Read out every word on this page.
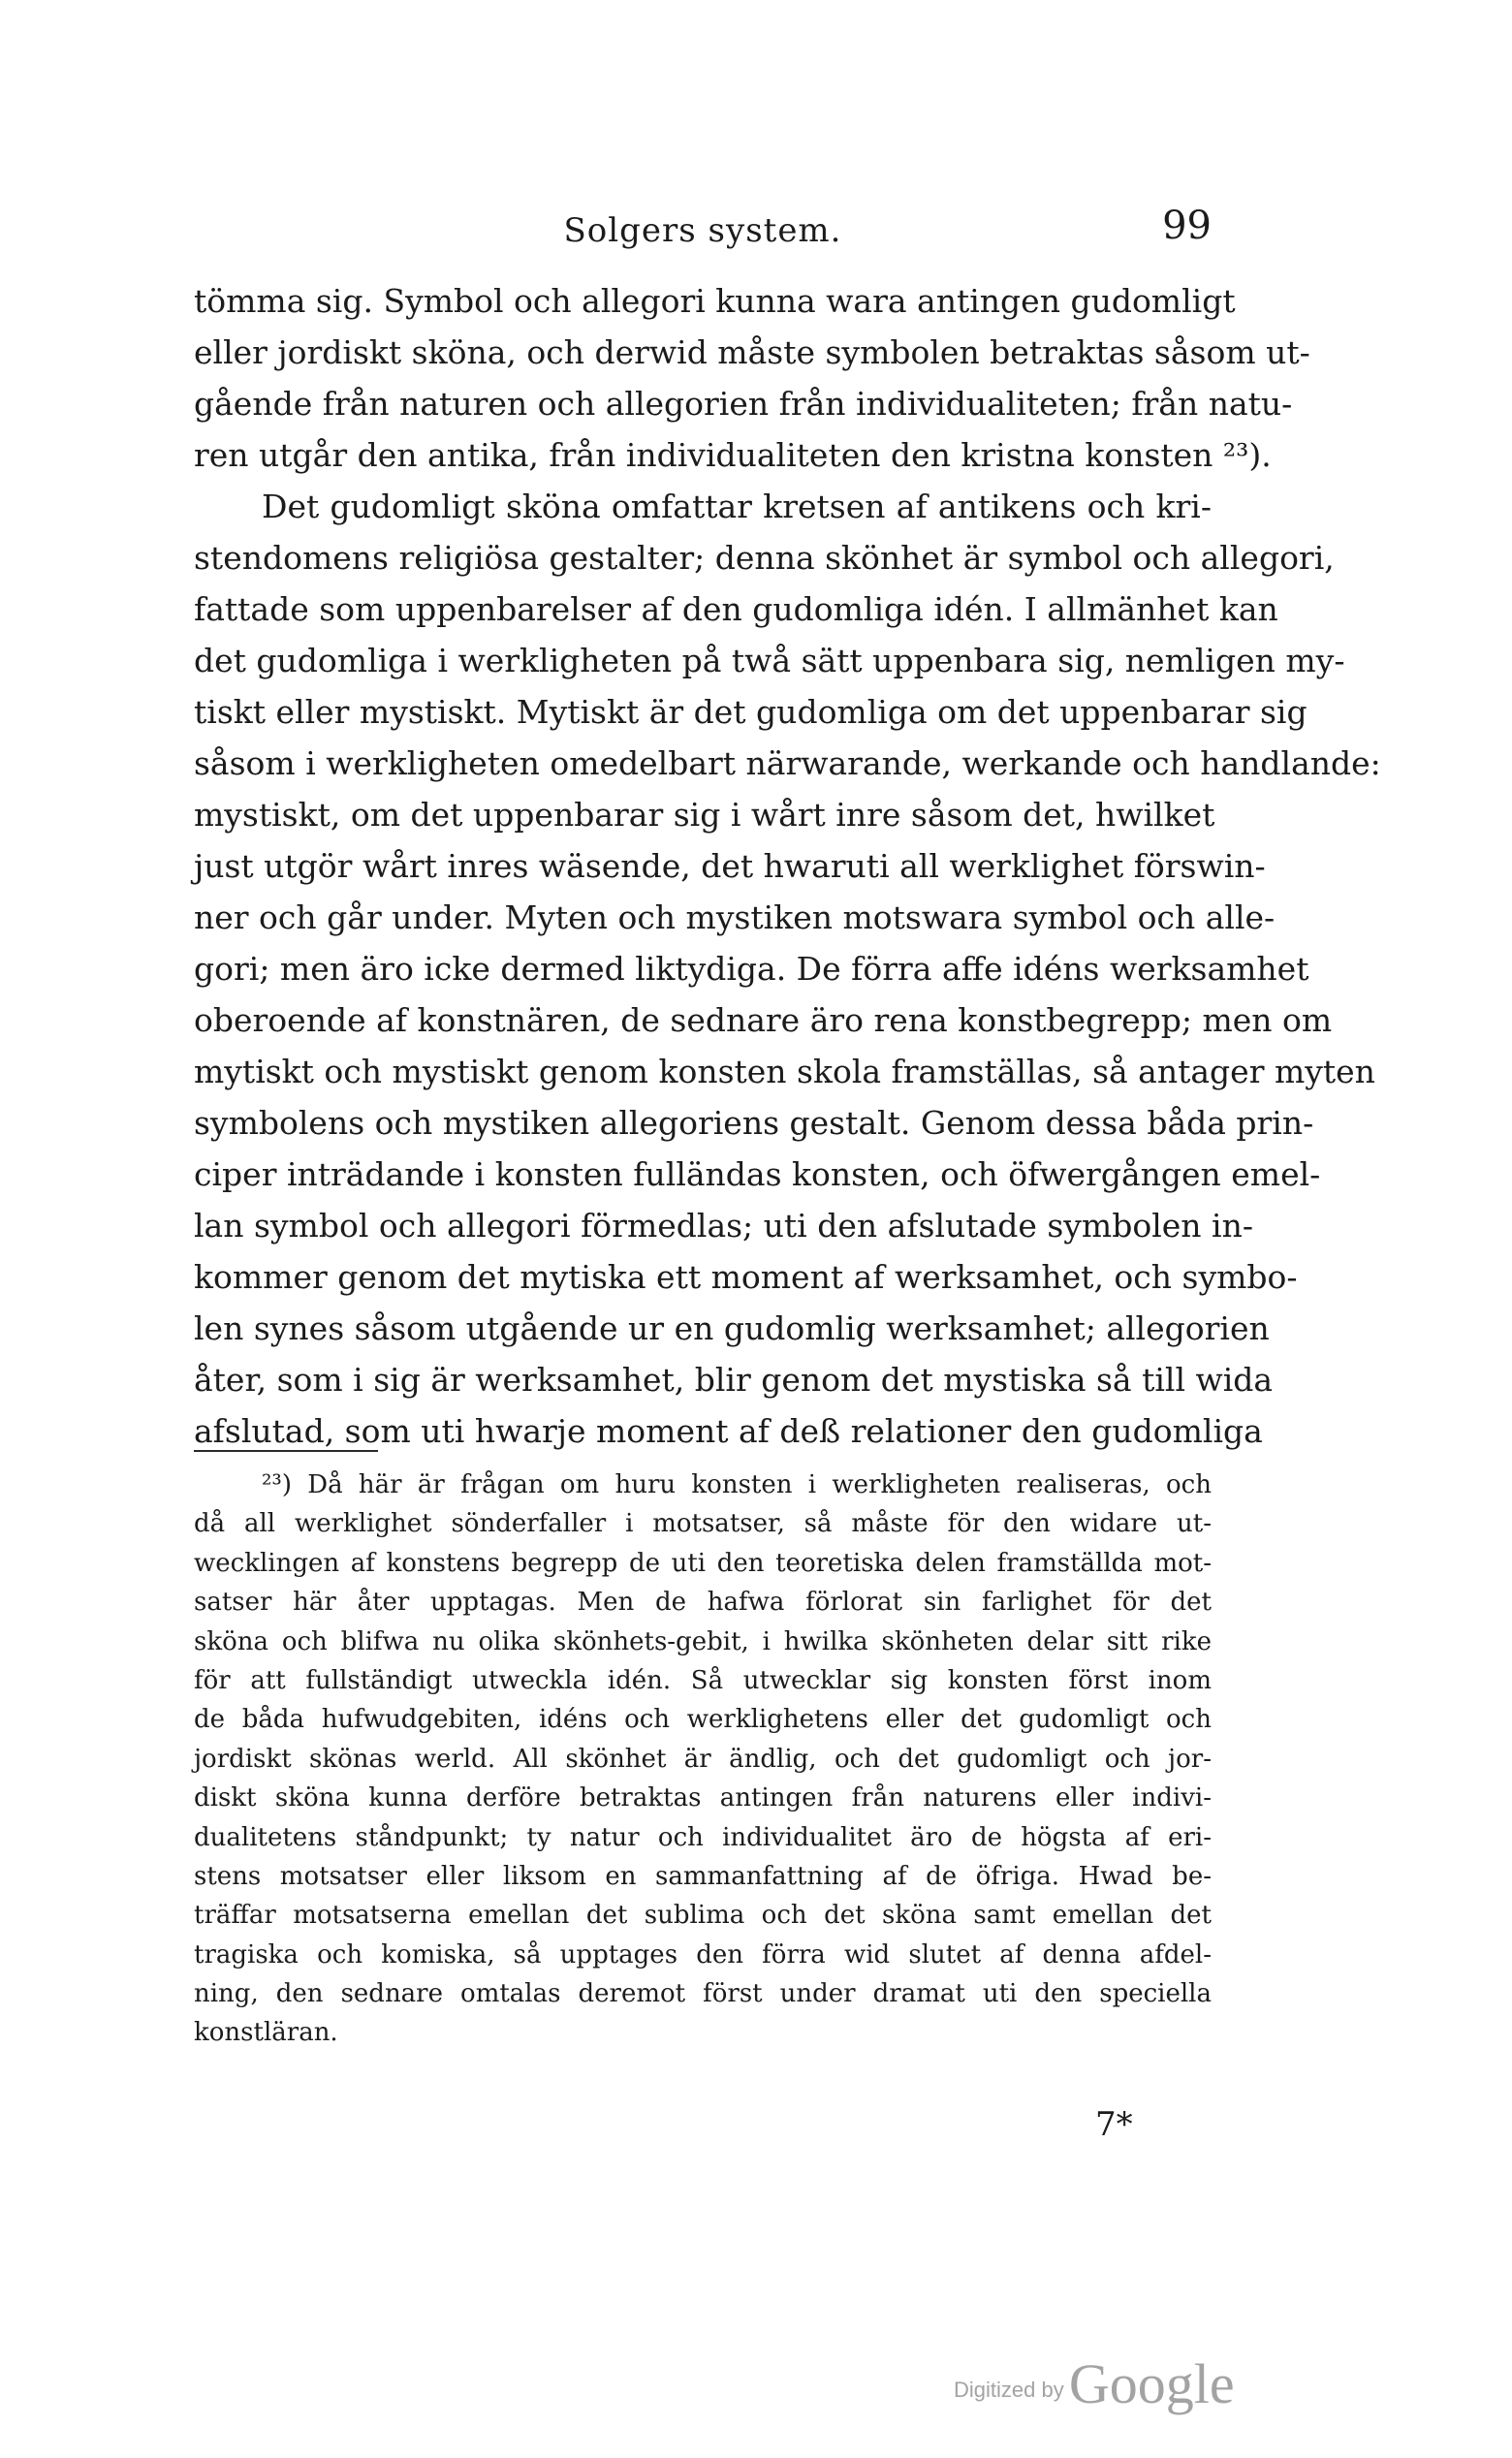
Solgers system.	99
tömma sig. Symbol och allegori kunna wara antingen gudomligt
eller jordiskt sköna, och derwid måste symbolen betraktas såsom ut-
gående från naturen och allegorien från individualiteten; från natu-
ren utgår den antika, från individualiteten den kristna konsten ²³).
Det gudomligt sköna omfattar kretsen af antikens och kri-
stendomens religiösa gestalter; denna skönhet är symbol och allegori,
fattade som uppenbarelser af den gudomliga idén. I allmänhet kan
det gudomliga i werkligheten på twå sätt uppenbara sig, nemligen my-
tiskt eller mystiskt. Mytiskt är det gudomliga om det uppenbarar sig
såsom i werkligheten omedelbart närwarande, werkande och handlande:
mystiskt, om det uppenbarar sig i wårt inre såsom det, hwilket
just utgör wårt inres wäsende, det hwaruti all werklighet förswin-
ner och går under. Myten och mystiken motswara symbol och alle-
gori; men äro icke dermed liktydiga. De förra affe idéns werksamhet
oberoende af konstnären, de sednare äro rena konstbegrepp; men om
mytiskt och mystiskt genom konsten skola framställas, så antager myten
symbolens och mystiken allegoriens gestalt. Genom dessa båda prin-
ciper inträdande i konsten fulländas konsten, och öfwergången emel-
lan symbol och allegori förmedlas; uti den afslutade symbolen in-
kommer genom det mytiska ett moment af werksamhet, och symbo-
len synes såsom utgående ur en gudomlig werksamhet; allegorien
åter, som i sig är werksamhet, blir genom det mystiska så till wida
afslutad, som uti hwarje moment af deß relationer den gudomliga
²³) Då här är frågan om huru konsten i werkligheten realiseras, och
då all werklighet sönderfaller i motsatser, så måste för den widare ut-
wecklingen af konstens begrepp de uti den teoretiska delen framställda mot-
satser här åter upptagas. Men de hafwa förlorat sin farlighet för det
sköna och blifwa nu olika skönhets-gebit, i hwilka skönheten delar sitt rike
för att fullständigt utweckla idén. Så utwecklar sig konsten först inom
de båda hufwudgebiten, idéns och werklighetens eller det gudomligt och
jordiskt skönas werld. All skönhet är ändlig, och det gudomligt och jor-
diskt sköna kunna derföre betraktas antingen från naturens eller indivi-
dualitetens ståndpunkt; ty natur och individualitet äro de högsta af eri-
stens motsatser eller liksom en sammanfattning af de öfriga. Hwad be-
träffar motsatserna emellan det sublima och det sköna samt emellan det
tragiska och komiska, så upptages den förra wid slutet af denna afdel-
ning, den sednare omtalas deremot först under dramat uti den speciella
konstläran.
7*
Digitized by Google
